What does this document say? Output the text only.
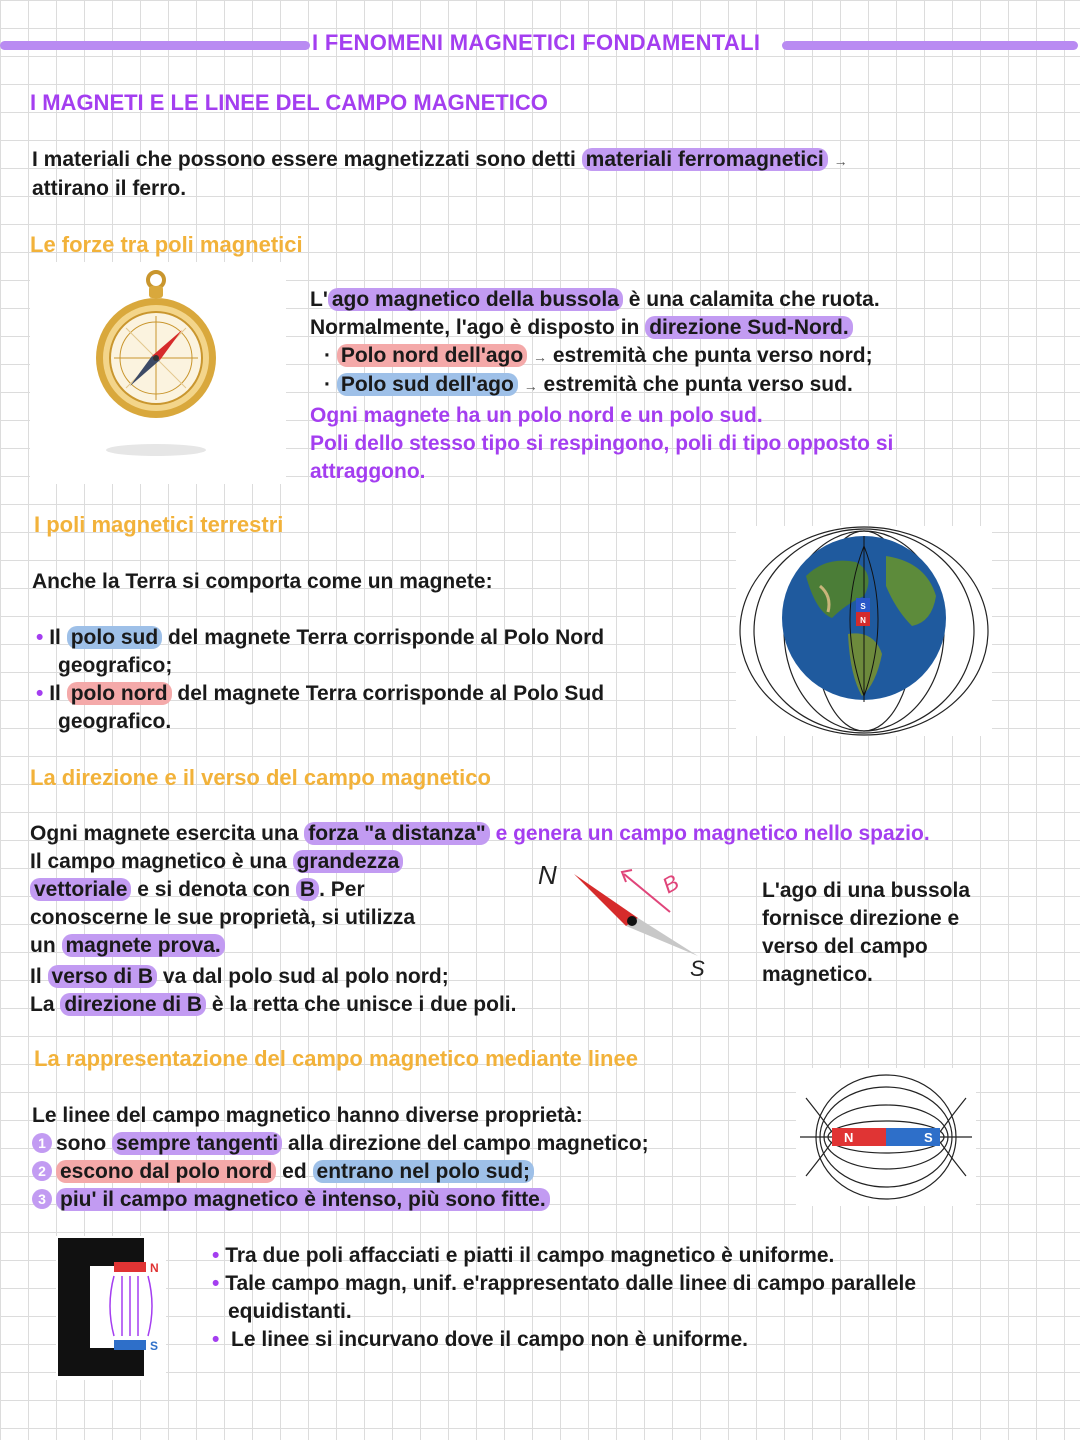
I FENOMENI MAGNETICI FONDAMENTALI
I MAGNETI E LE LINEE DEL CAMPO MAGNETICO
I materiali che possono essere magnetizzati sono detti materiali ferromagnetici →
attirano il ferro.
Le forze tra poli magnetici
L' ago magnetico della bussola è una calamita che ruota.
Normalmente, l'ago è disposto in direzione Sud-Nord.
· Polo nord dell'ago → estremità che punta verso nord;
· Polo sud dell'ago → estremità che punta verso sud.
Ogni magnete ha un polo nord e un polo sud.
Poli dello stesso tipo si respingono, poli di tipo opposto si attraggono.
I poli magnetici terrestri
Anche la Terra si comporta come un magnete:
• Il polo sud del magnete Terra corrisponde al Polo Nord
geografico;
• Il polo nord del magnete Terra corrisponde al Polo Sud
geografico.
S
N
La direzione e il verso del campo magnetico
Ogni magnete esercita una forza "a distanza" e genera un campo magnetico nello spazio.
Il campo magnetico è una grandezza
vettoriale e si denota con B . Per
conoscerne le sue proprietà, si utilizza
un magnete prova.
Il verso di B va dal polo sud al polo nord;
La direzione di B è la retta che unisce i due poli.
N
S
B	L'ago di una bussola
fornisce direzione e
verso del campo
magnetico.
La rappresentazione del campo magnetico mediante linee
Le linee del campo magnetico hanno diverse proprietà:
1 sono sempre tangenti alla direzione del campo magnetico;
2 escono dal polo nord ed entrano nel polo sud;
3 piu' il campo magnetico è intenso, più sono fitte.
N	S
N
S
• Tra due poli affacciati e piatti il campo magnetico è uniforme.
• Tale campo magn, unif. e'rappresentato dalle linee di campo parallele
equidistanti.
• Le linee si incurvano dove il campo non è uniforme.
